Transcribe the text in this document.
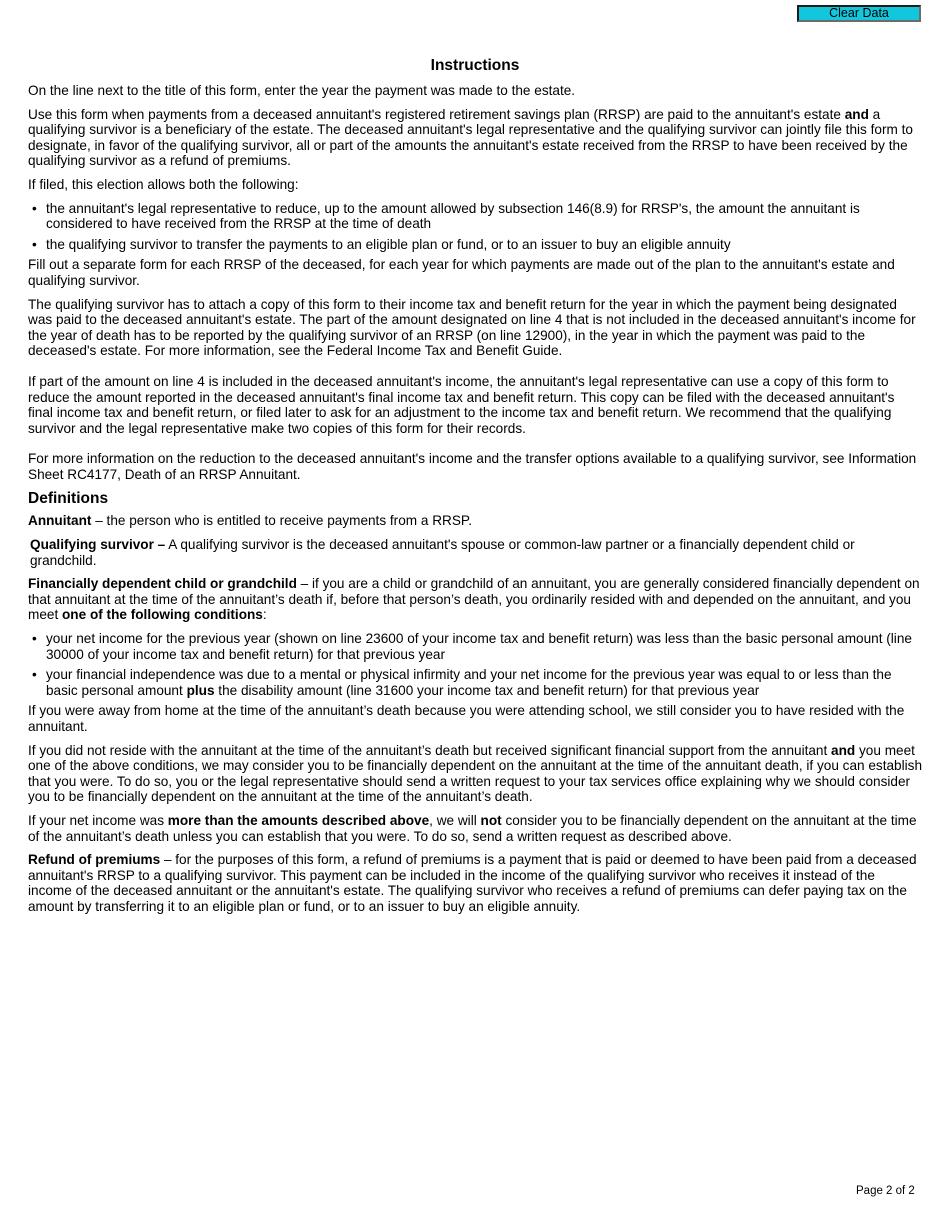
Clear Data
Instructions

On the line next to the title of this form, enter the year the payment was made to the estate.

Use this form when payments from a deceased annuitant's registered retirement savings plan (RRSP) are paid to the annuitant's estate and a qualifying survivor is a beneficiary of the estate. The deceased annuitant's legal representative and the qualifying survivor can jointly file this form to designate, in favor of the qualifying survivor, all or part of the amounts the annuitant's estate received from the RRSP to have been received by the qualifying survivor as a refund of premiums.

If filed, this election allows both the following:

• the annuitant's legal representative to reduce, up to the amount allowed by subsection 146(8.9) for RRSP's, the amount the annuitant is considered to have received from the RRSP at the time of death
• the qualifying survivor to transfer the payments to an eligible plan or fund, or to an issuer to buy an eligible annuity

Fill out a separate form for each RRSP of the deceased, for each year for which payments are made out of the plan to the annuitant's estate and qualifying survivor.

The qualifying survivor has to attach a copy of this form to their income tax and benefit return for the year in which the payment being designated was paid to the deceased annuitant's estate. The part of the amount designated on line 4 that is not included in the deceased annuitant's income for the year of death has to be reported by the qualifying survivor of an RRSP (on line 12900), in the year in which the payment was paid to the deceased's estate. For more information, see the Federal Income Tax and Benefit Guide.

If part of the amount on line 4 is included in the deceased annuitant's income, the annuitant's legal representative can use a copy of this form to reduce the amount reported in the deceased annuitant's final income tax and benefit return. This copy can be filed with the deceased annuitant's final income tax and benefit return, or filed later to ask for an adjustment to the income tax and benefit return. We recommend that the qualifying survivor and the legal representative make two copies of this form for their records.

For more information on the reduction to the deceased annuitant's income and the transfer options available to a qualifying survivor, see Information Sheet RC4177, Death of an RRSP Annuitant.

Definitions

Annuitant – the person who is entitled to receive payments from a RRSP.

Qualifying survivor – A qualifying survivor is the deceased annuitant's spouse or common-law partner or a financially dependent child or grandchild.

Financially dependent child or grandchild – if you are a child or grandchild of an annuitant, you are generally considered financially dependent on that annuitant at the time of the annuitant’s death if, before that person’s death, you ordinarily resided with and depended on the annuitant, and you meet one of the following conditions:

• your net income for the previous year (shown on line 23600 of your income tax and benefit return) was less than the basic personal amount (line 30000 of your income tax and benefit return) for that previous year
• your financial independence was due to a mental or physical infirmity and your net income for the previous year was equal to or less than the basic personal amount plus the disability amount (line 31600 your income tax and benefit return) for that previous year

If you were away from home at the time of the annuitant’s death because you were attending school, we still consider you to have resided with the annuitant.

If you did not reside with the annuitant at the time of the annuitant’s death but received significant financial support from the annuitant and you meet one of the above conditions, we may consider you to be financially dependent on the annuitant at the time of the annuitant death, if you can establish that you were. To do so, you or the legal representative should send a written request to your tax services office explaining why we should consider you to be financially dependent on the annuitant at the time of the annuitant’s death.

If your net income was more than the amounts described above, we will not consider you to be financially dependent on the annuitant at the time of the annuitant’s death unless you can establish that you were. To do so, send a written request as described above.

Refund of premiums – for the purposes of this form, a refund of premiums is a payment that is paid or deemed to have been paid from a deceased annuitant's RRSP to a qualifying survivor. This payment can be included in the income of the qualifying survivor who receives it instead of the income of the deceased annuitant or the annuitant's estate. The qualifying survivor who receives a refund of premiums can defer paying tax on the amount by transferring it to an eligible plan or fund, or to an issuer to buy an eligible annuity.

Page 2 of 2
